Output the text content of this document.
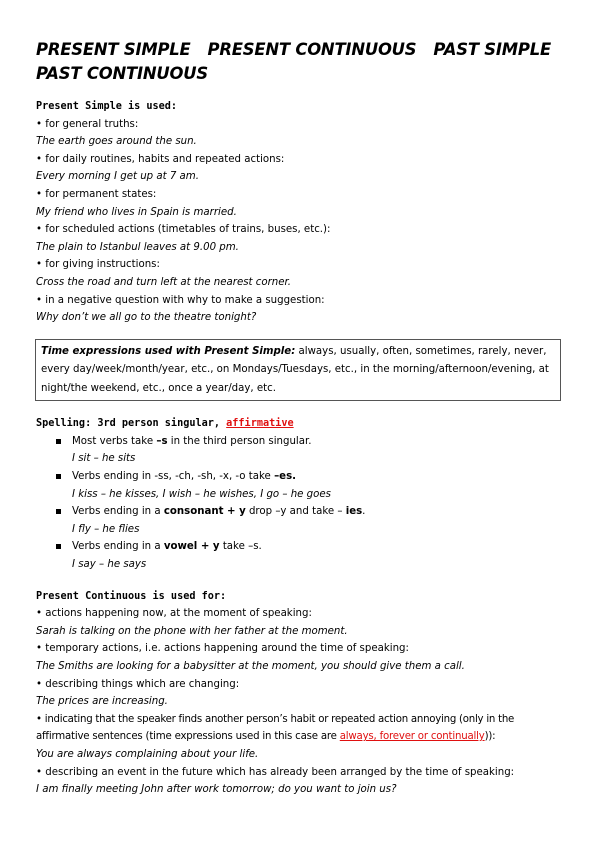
PRESENT SIMPLE PRESENT CONTINUOUS PAST SIMPLE
PAST CONTINUOUS

Present Simple is used:

• for general truths:

The earth goes around the sun.

• for daily routines, habits and repeated actions:

Every morning I get up at 7 am.

• for permanent states:

My friend who lives in Spain is married.

• for scheduled actions (timetables of trains, buses, etc.):

The plain to Istanbul leaves at 9.00 pm.

• for giving instructions:

Cross the road and turn left at the nearest corner.

• in a negative question with why to make a suggestion:

Why don’t we all go to the theatre tonight?

Time expressions used with Present Simple: always, usually, often, sometimes, rarely, never, every day/week/month/year, etc., on Mondays/Tuesdays, etc., in the morning/afternoon/evening, at night/the weekend, etc., once a year/day, etc.

Spelling: 3rd person singular, affirmative

Most verbs take –s in the third person singular.

I sit – he sits

Verbs ending in -ss, -ch, -sh, -x, -o take –es.

I kiss – he kisses, I wish – he wishes, I go – he goes

Verbs ending in a consonant + y drop –y and take – ies.

I fly – he flies

Verbs ending in a vowel + y take –s.

I say – he says

Present Continuous is used for:

• actions happening now, at the moment of speaking:

Sarah is talking on the phone with her father at the moment.

• temporary actions, i.e. actions happening around the time of speaking:

The Smiths are looking for a babysitter at the moment, you should give them a call.

• describing things which are changing:

The prices are increasing.

• indicating that the speaker finds another person’s habit or repeated action annoying (only in the

affirmative sentences (time expressions used in this case are always, forever or continually)):

You are always complaining about your life.

• describing an event in the future which has already been arranged by the time of speaking:

I am finally meeting John after work tomorrow; do you want to join us?
